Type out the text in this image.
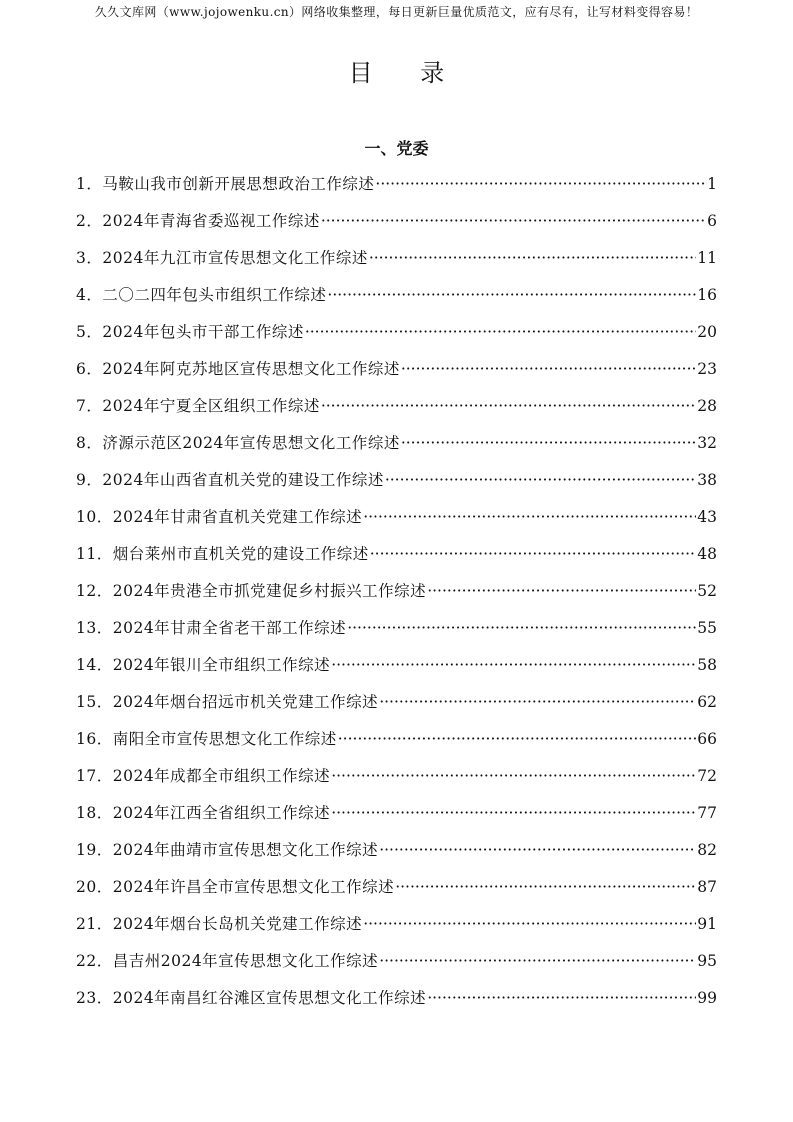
久久文库网（www.jojowenku.cn）网络收集整理，每日更新巨量优质范文，应有尽有，让写材料变得容易！
目 录
一、党委
1． 马鞍山我市创新开展思想政治工作综述 ·····	1
2． 2024年青海省委巡视工作综述 ·····	6
3． 2024年九江市宣传思想文化工作综述 ·····	11
4． 二〇二四年包头市组织工作综述 ·····	16
5． 2024年包头市干部工作综述 ·····	20
6． 2024年阿克苏地区宣传思想文化工作综述 ·····	23
7． 2024年宁夏全区组织工作综述 ·····	28
8． 济源示范区2024年宣传思想文化工作综述 ·····	32
9． 2024年山西省直机关党的建设工作综述 ·····	38
10． 2024年甘肃省直机关党建工作综述 ·····	43
11． 烟台莱州市直机关党的建设工作综述 ·····	48
12． 2024年贵港全市抓党建促乡村振兴工作综述 ·····	52
13． 2024年甘肃全省老干部工作综述 ·····	55
14． 2024年银川全市组织工作综述 ·····	58
15． 2024年烟台招远市机关党建工作综述 ·····	62
16． 南阳全市宣传思想文化工作综述 ·····	66
17． 2024年成都全市组织工作综述 ·····	72
18． 2024年江西全省组织工作综述 ·····	77
19． 2024年曲靖市宣传思想文化工作综述 ·····	82
20． 2024年许昌全市宣传思想文化工作综述 ·····	87
21． 2024年烟台长岛机关党建工作综述 ·····	91
22． 昌吉州2024年宣传思想文化工作综述 ·····	95
23． 2024年南昌红谷滩区宣传思想文化工作综述 ·····	99
